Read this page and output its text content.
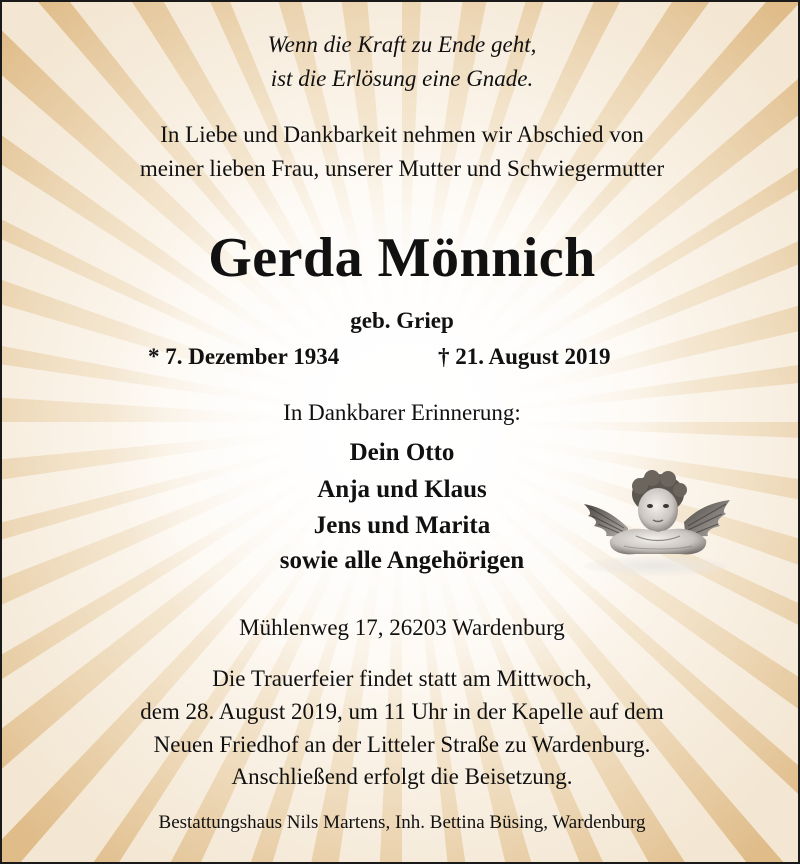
Wenn die Kraft zu Ende geht,
ist die Erlösung eine Gnade.
In Liebe und Dankbarkeit nehmen wir Abschied von
meiner lieben Frau, unserer Mutter und Schwiegermutter
Gerda Mönnich
geb. Griep
* 7. Dezember 1934	† 21. August 2019
In Dankbarer Erinnerung:
Dein Otto
Anja und Klaus
Jens und Marita
sowie alle Angehörigen
Mühlenweg 17, 26203 Wardenburg
Die Trauerfeier findet statt am Mittwoch,
dem 28. August 2019, um 11 Uhr in der Kapelle auf dem
Neuen Friedhof an der Litteler Straße zu Wardenburg.
Anschließend erfolgt die Beisetzung.
Bestattungshaus Nils Martens, Inh. Bettina Büsing, Wardenburg
